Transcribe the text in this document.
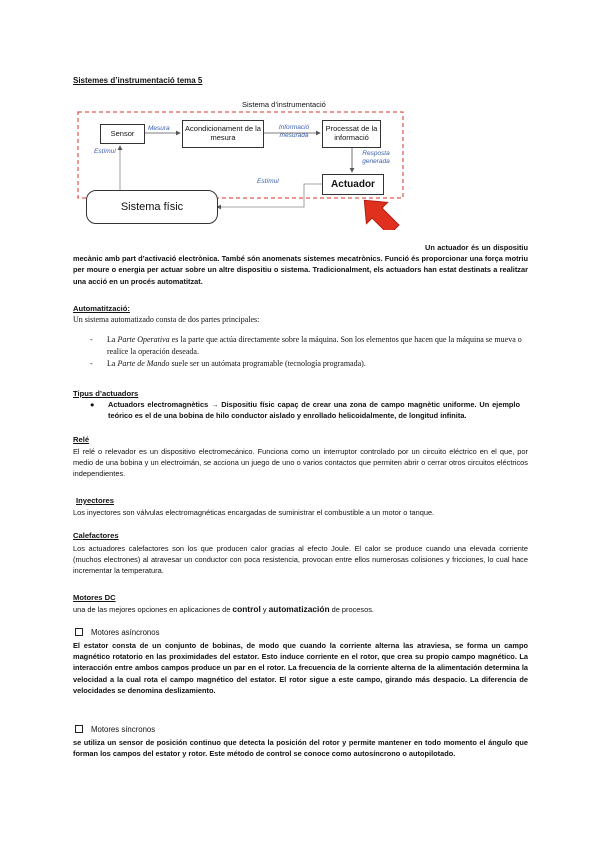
Sistemes d’instrumentació tema 5
Sistema d’instrumentació
Sensor	Acondicionament de la mesura
Processat de la informació
Actuador
Sistema físic
Mesura	Informació mesurada
Estímul	Resposta generada
Estímul
Un actuador és un dispositiu mecànic amb part d’activació electrònica. També són anomenats sistemes mecatrònics. Funció és proporcionar una força motriu per moure o energia per actuar sobre un altre dispositiu o sistema. Tradicionalment, els actuadors han estat destinats a realitzar una acció en un procés automatitzat.
Automatització:
Un sistema automatizado consta de dos partes principales:
-	La Parte Operativa es la parte que actúa directamente sobre la máquina. Son los elementos que hacen que la máquina se mueva o realice la operación deseada.
-	La Parte de Mando suele ser un autómata programable (tecnología programada).
Tipus d’actuadors
●	Actuadors electromagnètics → Dispositiu físic capaç de crear una zona de campo magnètic uniforme. Un ejemplo teórico es el de una bobina de hilo conductor aislado y enrollado helicoidalmente, de longitud infinita.
Relé
El relé o relevador es un dispositivo electromecánico. Funciona como un interruptor controlado por un circuito eléctrico en el que, por medio de una bobina y un electroimán, se acciona un juego de uno o varios contactos que permiten abrir o cerrar otros circuitos eléctricos independientes.
Inyectores
Los inyectores son válvulas electromagnéticas encargadas de suministrar el combustible a un motor o tanque.
Calefactores
Los actuadores calefactores son los que producen calor gracias al efecto Joule. El calor se produce cuando una elevada corriente (muchos electrones) al atravesar un conductor con poca resistencia, provocan entre ellos numerosas colisiones y fricciones, lo cual hace incrementar la temperatura.
Motores DC
una de las mejores opciones en aplicaciones de control y automatización de procesos.
Motores asíncronos
El estator consta de un conjunto de bobinas, de modo que cuando la corriente alterna las atraviesa, se forma un campo magnético rotatorio en las proximidades del estator. Esto induce corriente en el rotor, que crea su propio campo magnético. La interacción entre ambos campos produce un par en el rotor. La frecuencia de la corriente alterna de la alimentación determina la velocidad a la cual rota el campo magnético del estator. El rotor sigue a este campo, girando más despacio. La diferencia de velocidades se denomina deslizamiento.
Motores síncronos
se utiliza un sensor de posición continuo que detecta la posición del rotor y permite mantener en todo momento el ángulo que forman los campos del estator y rotor. Este método de control se conoce como autosíncrono o autopilotado.
